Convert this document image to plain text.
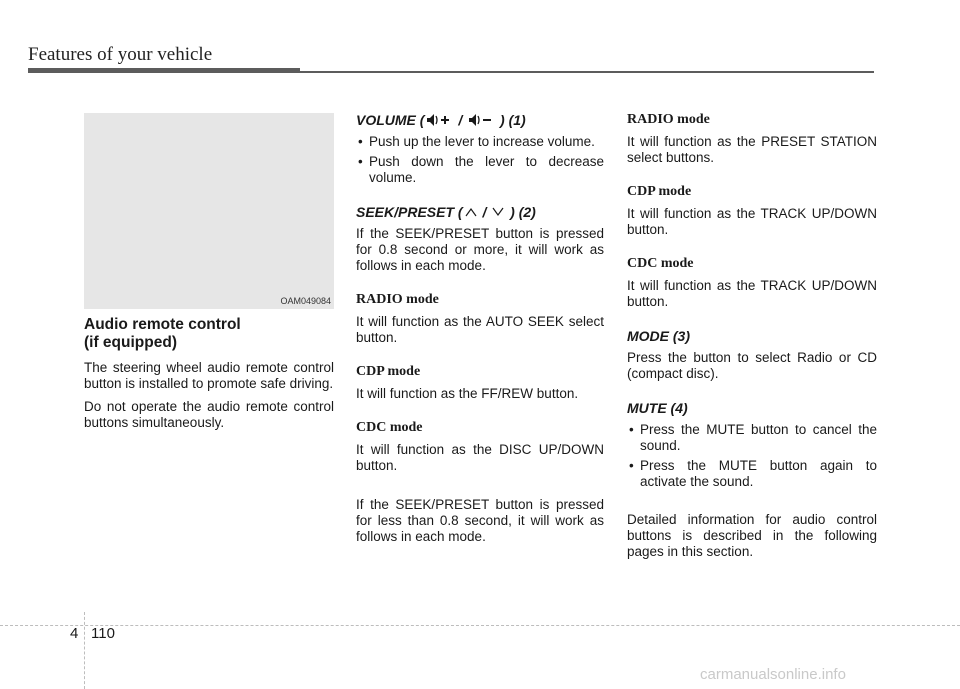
Features of your vehicle
OAM049084
Audio remote control
(if equipped)

The steering wheel audio remote control button is installed to promote safe driving.

Do not operate the audio remote control buttons simultaneously.

VOLUME ( / ) (1)
• Push up the lever to increase volume.
• Push down the lever to decrease volume.
SEEK/PRESET ( / ) (2)

If the SEEK/PRESET button is pressed for 0.8 second or more, it will work as follows in each mode.

RADIO mode

It will function as the AUTO SEEK select button.

CDP mode

It will function as the FF/REW button.

CDC mode

It will function as the DISC UP/DOWN button.

If the SEEK/PRESET button is pressed for less than 0.8 second, it will work as follows in each mode.

RADIO mode

It will function as the PRESET STATION select buttons.

CDP mode

It will function as the TRACK UP/DOWN button.

CDC mode

It will function as the TRACK UP/DOWN button.

MODE (3)

Press the button to select Radio or CD (compact disc).

MUTE (4)
• Press the MUTE button to cancel the sound.
• Press the MUTE button again to activate the sound.

Detailed information for audio control buttons is described in the following pages in this section.

4 110
carmanualsonline.info
